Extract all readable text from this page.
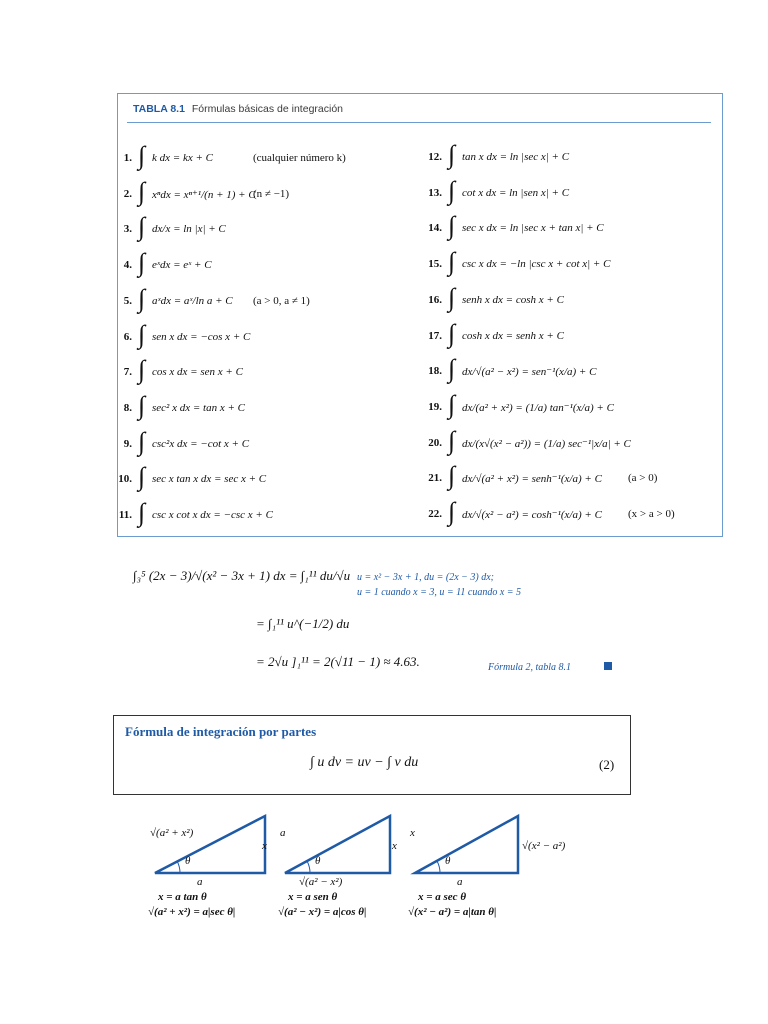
TABLA 8.1 Fórmulas básicas de integración
1. ∫ k dx = kx + C	(cualquier número k)
2. ∫ xⁿdx = xⁿ⁺¹/(n + 1) + C
(n ≠ −1)
3. ∫ dx/x = ln |x| + C
4. ∫ eˣdx = eˣ + C
5. ∫ aˣdx = aˣ/ln a + C (a > 0, a ≠ 1)
6. ∫ sen x dx = −cos x + C
7. ∫ cos x dx = sen x + C
8. ∫ sec² x dx = tan x + C
9. ∫ csc²x dx = −cot x + C
10. ∫ sec x tan x dx = sec x + C
11. ∫ csc x cot x dx = −csc x + C
12. ∫ tan x dx = ln |sec x| + C
13. ∫ cot x dx = ln |sen x| + C
14. ∫ sec x dx = ln |sec x + tan x| + C
15. ∫ csc x dx = −ln |csc x + cot x| + C
16. ∫ senh x dx = cosh x + C
17. ∫ cosh x dx = senh x + C
18. ∫ dx/√(a² − x²) = sen⁻¹(x/a) + C
19. ∫ dx/(a² + x²) = (1/a) tan⁻¹(x/a) + C
20. ∫ dx/(x√(x² − a²)) = (1/a) sec⁻¹|x/a| + C
21. ∫ dx/√(a² + x²) = senh⁻¹(x/a) + C (a > 0)
22. ∫ dx/√(x² − a²) = cosh⁻¹(x/a) + C (x > a > 0)
∫₃⁵ (2x − 3)/√(x² − 3x + 1) dx = ∫₁¹¹ du/√u
= ∫₁¹¹ u^(−1/2) du
= 2√u ]₁¹¹ = 2(√11 − 1) ≈ 4.63.
u = x² − 3x + 1, du = (2x − 3) dx;
u = 1 cuando x = 3, u = 11 cuando x = 5
Fórmula 2, tabla 8.1
Fórmula de integración por partes
∫ u dv = uv − ∫ v du	(2)
√(a² + x²)
x
θ
a
x = a tan θ
√(a² + x²) = a|sec θ|
a
x
θ
√(a² − x²)
x = a sen θ
√(a² − x²) = a|cos θ|
x
√(x² − a²)
θ
a
x = a sec θ
√(x² − a²) = a|tan θ|
